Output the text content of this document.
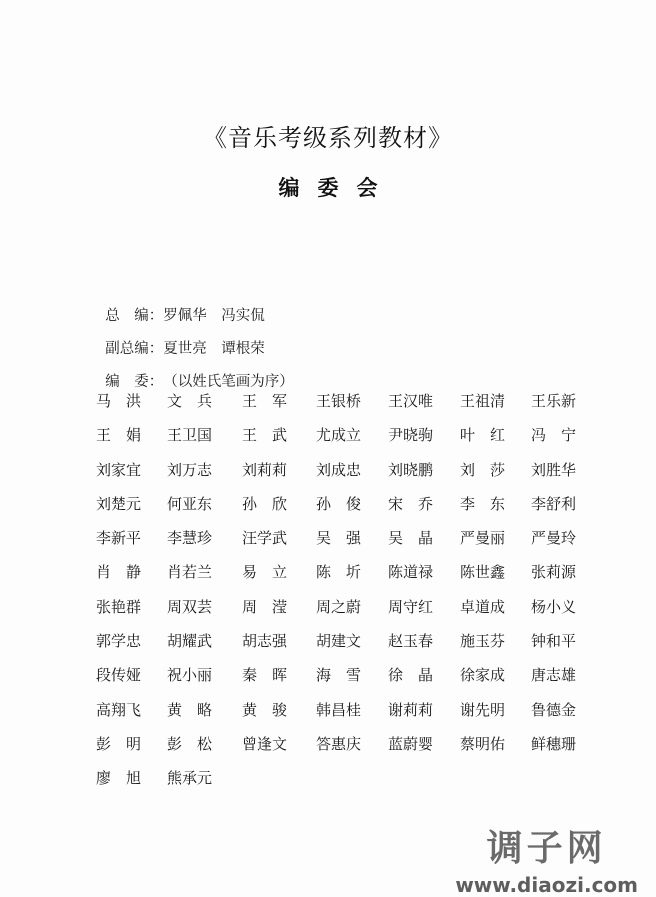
《音乐考级系列教材》
编委会

总　编：罗佩华　冯实侃

副总编：夏世亮　谭根荣

编　委：（以姓氏笔画为序）

马洪 文兵 王军 王银桥 王汉唯 王祖清 王乐新
王娟 王卫国 王武 尤成立 尹晓驹 叶红 冯宁
刘家宜 刘万志 刘莉莉 刘成忠 刘晓鹏 刘莎 刘胜华
刘楚元 何亚东 孙欣 孙俊 宋乔 李东 李舒利
李新平 李慧珍 汪学武 吴强 吴晶 严曼丽 严曼玲
肖静 肖若兰 易立 陈圻 陈道禄 陈世鑫 张莉源
张艳群 周双芸 周滢 周之蔚 周守红 卓道成 杨小义
郭学忠 胡耀武 胡志强 胡建文 赵玉春 施玉芬 钟和平
段传娅 祝小丽 秦晖 海雪 徐晶 徐家成 唐志雄
高翔飞 黄略 黄骏 韩昌桂 谢莉莉 谢先明 鲁德金
彭明 彭松 曾逢文 答惠庆 蓝蔚婴 蔡明佑 鲜穗珊
廖旭 熊承元
调子网
www.diaozi.com
